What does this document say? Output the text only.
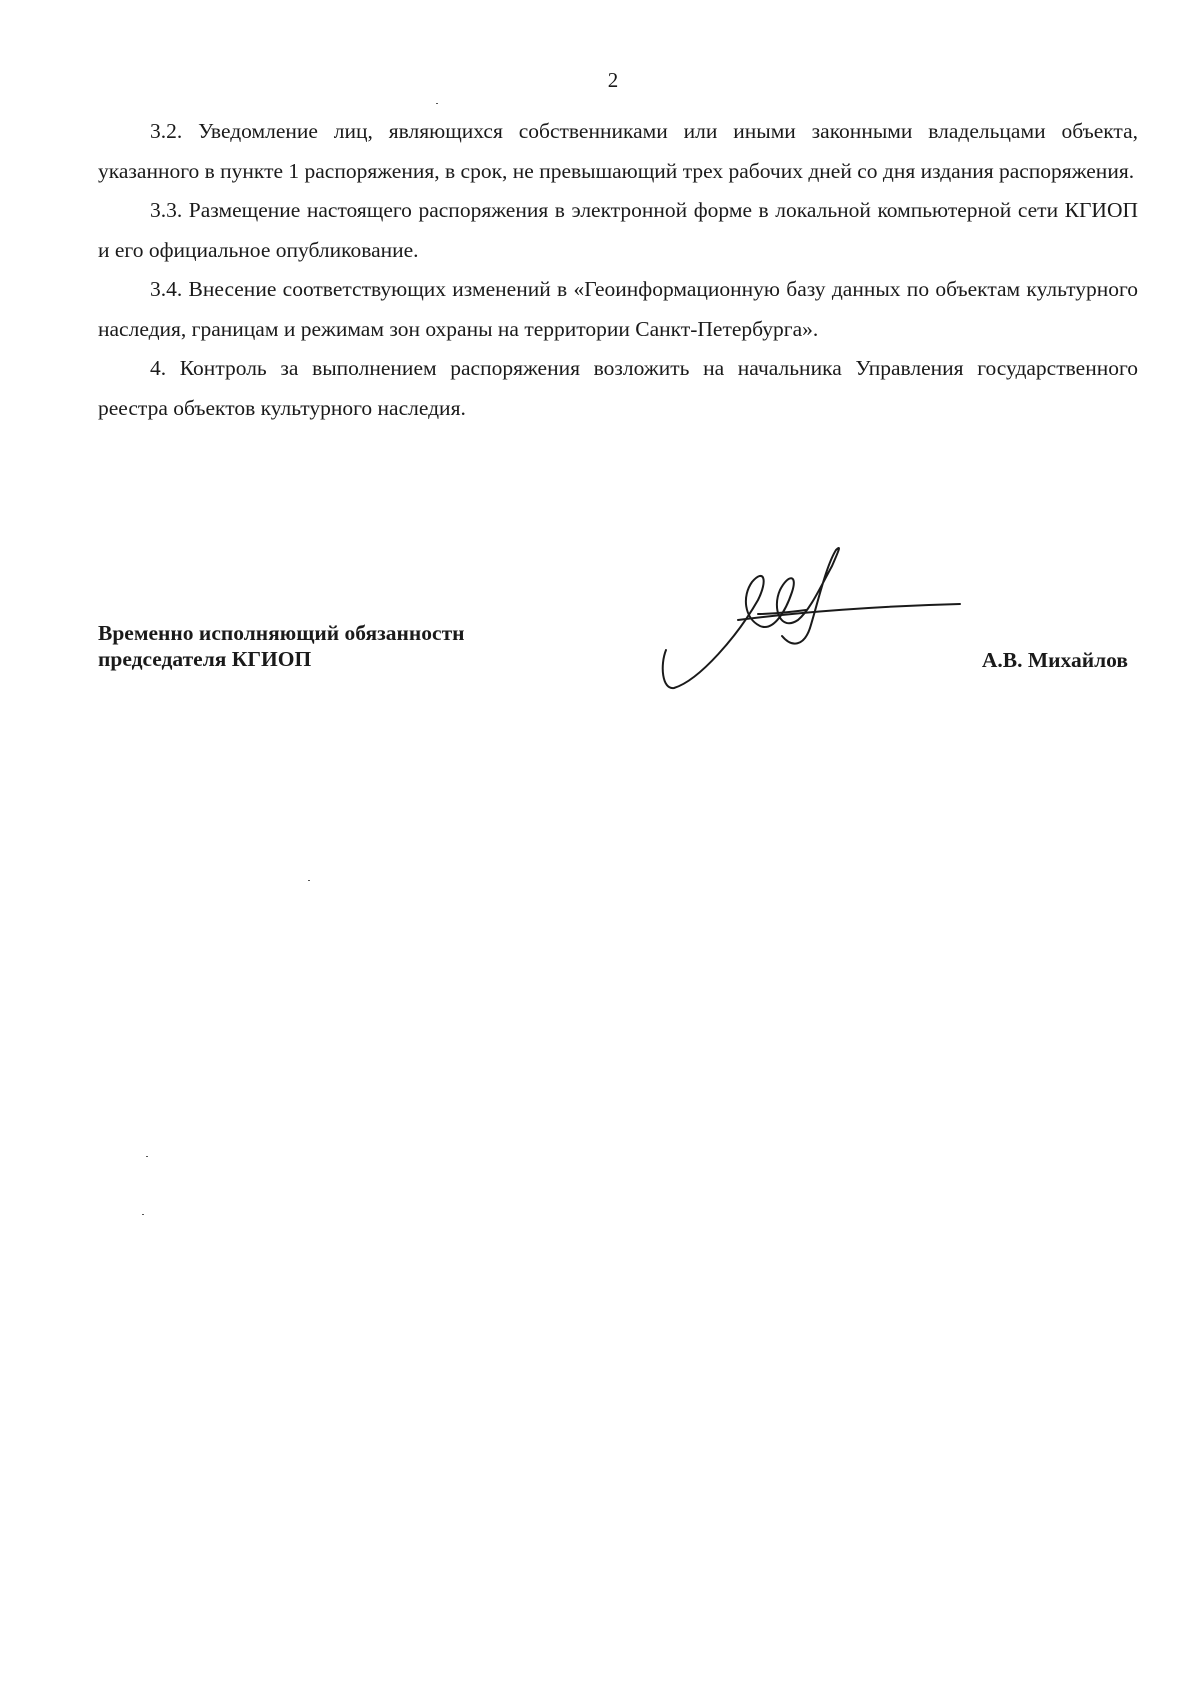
2

3.2. Уведомление лиц, являющихся собственниками или иными законными владельцами объекта, указанного в пункте 1 распоряжения, в срок, не превышающий трех рабочих дней со дня издания распоряжения.

3.3. Размещение настоящего распоряжения в электронной форме в локальной компьютерной сети КГИОП и его официальное опубликование.

3.4. Внесение соответствующих изменений в «Геоинформационную базу данных по объектам культурного наследия, границам и режимам зон охраны на территории Санкт-Петербурга».

4. Контроль за выполнением распоряжения возложить на начальника Управления государственного реестра объектов культурного наследия.

Временно исполняющий обязанностн
председателя КГИОП	А.В. Михайлов
